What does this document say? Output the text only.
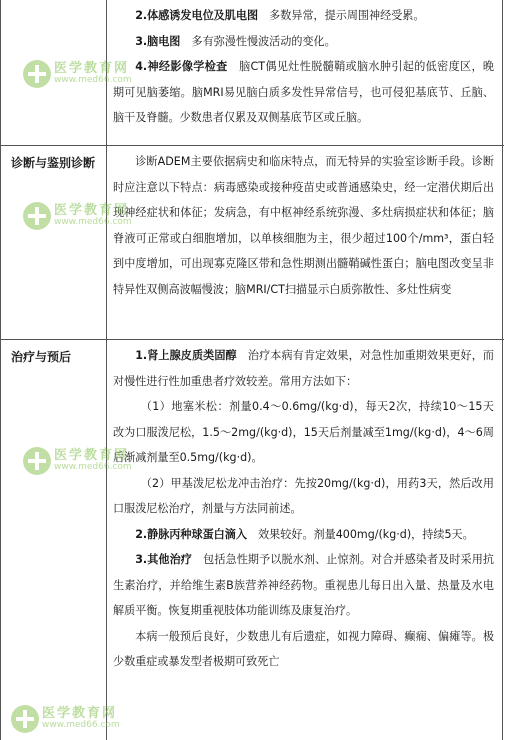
2.体感诱发电位及肌电图　多数异常，提示周围神经受累。

3.脑电图　多有弥漫性慢波活动的变化。

4.神经影像学检查　脑CT偶见灶性脱髓鞘或脑水肿引起的低密度区，晚期可见脑萎缩。脑MRI易见脑白质多发性异常信号，也可侵犯基底节、丘脑、脑干及脊髓。少数患者仅累及双侧基底节区或丘脑。

诊断与鉴别诊断	诊断ADEM主要依据病史和临床特点，而无特异的实验室诊断手段。诊断时应注意以下特点：病毒感染或接种疫苗史或普通感染史，经一定潜伏期后出现神经症状和体征；发病急，有中枢神经系统弥漫、多灶病损症状和体征；脑脊液可正常或白细胞增加，以单核细胞为主，很少超过100个/mm³，蛋白轻到中度增加，可出现寡克隆区带和急性期测出髓鞘碱性蛋白；脑电图改变呈非特异性双侧高波幅慢波；脑MRI/CT扫描显示白质弥散性、多灶性病变

治疗与预后	1.肾上腺皮质类固醇　治疗本病有肯定效果，对急性加重期效果更好，而对慢性进行性加重患者疗效较差。常用方法如下：

（1）地塞米松：剂量0.4～0.6mg/(kg·d)，每天2次，持续10～15天改为口服泼尼松，1.5～2mg/(kg·d)，15天后剂量减至1mg/(kg·d)，4～6周后渐减剂量至0.5mg/(kg·d)。

（2）甲基泼尼松龙冲击治疗：先按20mg/(kg·d)，用药3天，然后改用口服泼尼松治疗，剂量与方法同前述。

2.静脉丙种球蛋白滴入　效果较好。剂量400mg/(kg·d)，持续5天。

3.其他治疗　包括急性期予以脱水剂、止惊剂。对合并感染者及时采用抗生素治疗，并给维生素B族营养神经药物。重视患儿每日出入量、热量及水电解质平衡。恢复期重视肢体功能训练及康复治疗。

本病一般预后良好，少数患儿有后遗症，如视力障碍、癫痫、偏瘫等。极少数重症或暴发型者极期可致死亡

医学教育网
www.med66.com
医学教育网
www.med66.com
医学教育网
www.med66.com
医学教育网
www.med66.com
